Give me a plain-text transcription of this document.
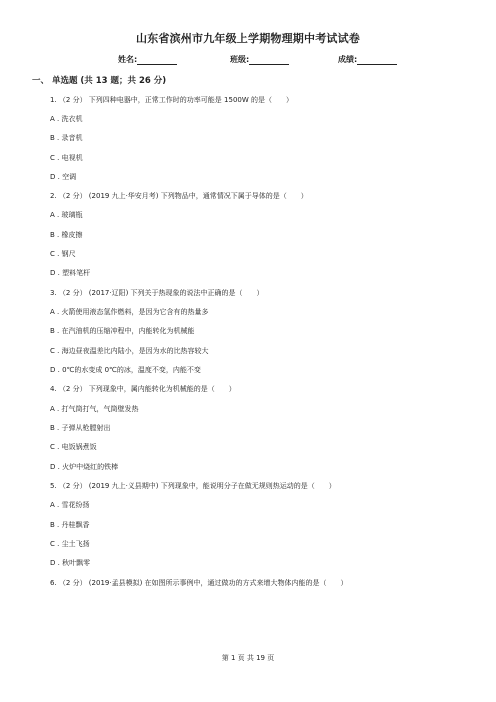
山东省滨州市九年级上学期物理期中考试试卷
姓名:	班级:	成绩:
一、 单选题 (共 13 题；共 26 分)
1. （2 分） 下列四种电器中，正常工作时的功率可能是 1500W 的是（　　）
A . 洗衣机
B . 录音机
C . 电视机
D . 空调
2. （2 分） (2019 九上·华安月考) 下列物品中，通常情况下属于导体的是（　　）
A . 玻璃瓶
B . 橡皮擦
C . 钢尺
D . 塑料笔杆
3. （2 分） (2017·辽阳) 下列关于热现象的说法中正确的是（　　）
A . 火箭使用液态氢作燃料，是因为它含有的热量多
B . 在汽油机的压缩冲程中，内能转化为机械能
C . 海边昼夜温差比内陆小，是因为水的比热容较大
D . 0℃的水变成 0℃的冰，温度不变，内能不变
4. （2 分） 下列现象中，属内能转化为机械能的是（　　）
A . 打气筒打气，气筒壁发热
B . 子弹从枪膛射出
C . 电饭锅煮饭
D . 火炉中烧红的铁棒
5. （2 分） (2019 九上·义县期中) 下列现象中，能说明分子在做无规则热运动的是（　　）
A . 雪花纷扬
B . 丹桂飘香
C . 尘土飞扬
D . 秋叶飘零
6. （2 分） (2019·孟县模拟) 在如图所示事例中，通过做功的方式来增大物体内能的是（　　）
第 1 页 共 19 页
